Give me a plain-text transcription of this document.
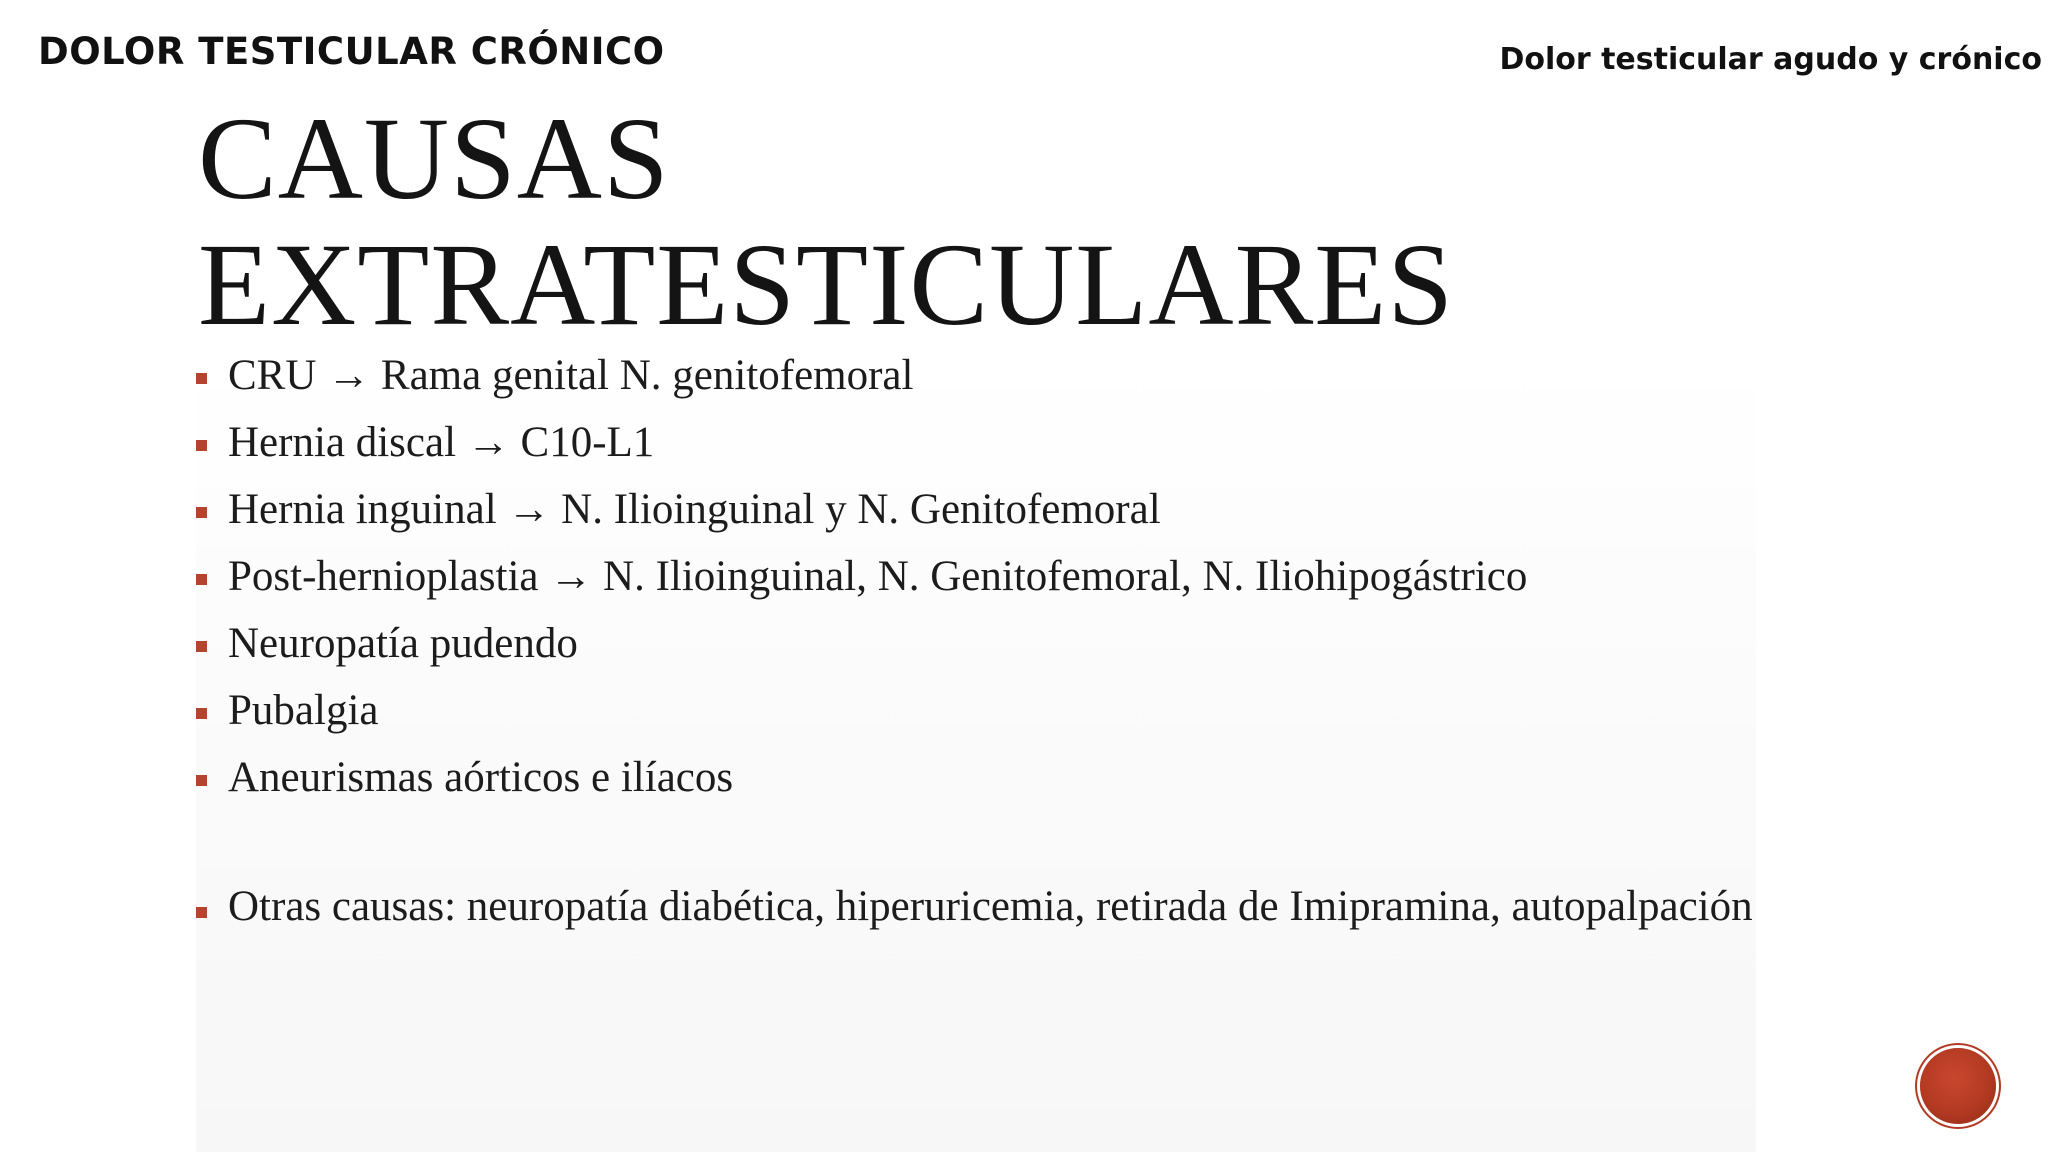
DOLOR TESTICULAR CRÓNICO	Dolor testicular agudo y crónico
CAUSAS
EXTRATESTICULARES
CRU → Rama genital N. genitofemoral
Hernia discal → C10-L1
Hernia inguinal → N. Ilioinguinal y N. Genitofemoral
Post-hernioplastia → N. Ilioinguinal, N. Genitofemoral, N. Iliohipogástrico
Neuropatía pudendo
Pubalgia
Aneurismas aórticos e ilíacos
Otras causas: neuropatía diabética, hiperuricemia, retirada de Imipramina, autopalpación
